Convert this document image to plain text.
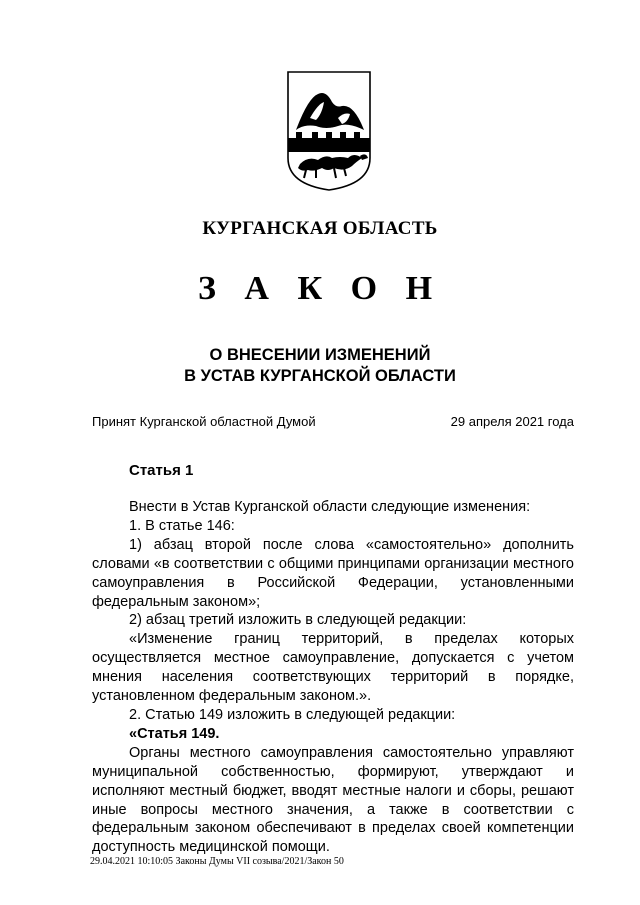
КУРГАНСКАЯ ОБЛАСТЬ
З А К О Н
О ВНЕСЕНИИ ИЗМЕНЕНИЙ
В УСТАВ КУРГАНСКОЙ ОБЛАСТИ
Принят Курганской областной Думой	29 апреля 2021 года
Статья 1

Внести в Устав Курганской области следующие изменения:

1. В статье 146:

1) абзац второй после слова «самостоятельно» дополнить словами «в соответствии с общими принципами организации местного самоуправления в Российской Федерации, установленными федеральным законом»;

2) абзац третий изложить в следующей редакции:

«Изменение границ территорий, в пределах которых осуществляется местное самоуправление, допускается с учетом мнения населения соответствующих территорий в порядке, установленном федеральным законом.».

2. Статью 149 изложить в следующей редакции:

«Статья 149.

Органы местного самоуправления самостоятельно управляют муниципальной собственностью, формируют, утверждают и исполняют местный бюджет, вводят местные налоги и сборы, решают иные вопросы местного значения, а также в соответствии с федеральным законом обеспечивают в пределах своей компетенции доступность медицинской помощи.

29.04.2021 10:10:05 Законы Думы VII созыва/2021/Закон 50
